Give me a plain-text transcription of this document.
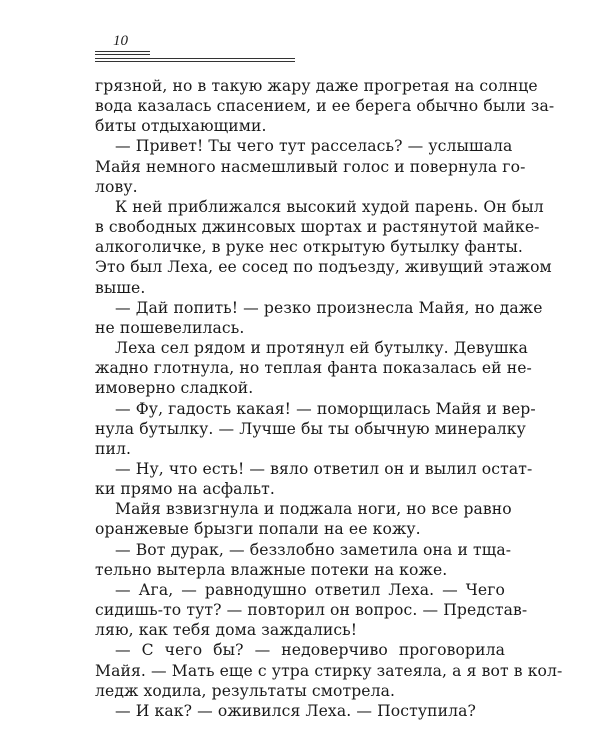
10
грязной, но в такую жару даже прогретая на солнце
вода казалась спасением, и ее берега обычно были за-
биты отдыхающими.
— Привет! Ты чего тут расселась? — услышала
Майя немного насмешливый голос и повернула го-
лову.
К ней приближался высокий худой парень. Он был
в свободных джинсовых шортах и растянутой майке-
алкоголичке, в руке нес открытую бутылку фанты.
Это был Леха, ее сосед по подъезду, живущий этажом
выше.
— Дай попить! — резко произнесла Майя, но даже
не пошевелилась.
Леха сел рядом и протянул ей бутылку. Девушка
жадно глотнула, но теплая фанта показалась ей не-
имоверно сладкой.
— Фу, гадость какая! — поморщилась Майя и вер-
нула бутылку. — Лучше бы ты обычную минералку
пил.
— Ну, что есть! — вяло ответил он и вылил остат-
ки прямо на асфальт.
Майя взвизгнула и поджала ноги, но все равно
оранжевые брызги попали на ее кожу.
— Вот дурак, — беззлобно заметила она и тща-
тельно вытерла влажные потеки на коже.
— Ага, — равнодушно ответил Леха. — Чего
сидишь-то тут? — повторил он вопрос. — Представ-
ляю, как тебя дома заждались!
— С чего бы? — недоверчиво проговорила
Майя. — Мать еще с утра стирку затеяла, а я вот в кол-
ледж ходила, результаты смотрела.
— И как? — оживился Леха. — Поступила?
